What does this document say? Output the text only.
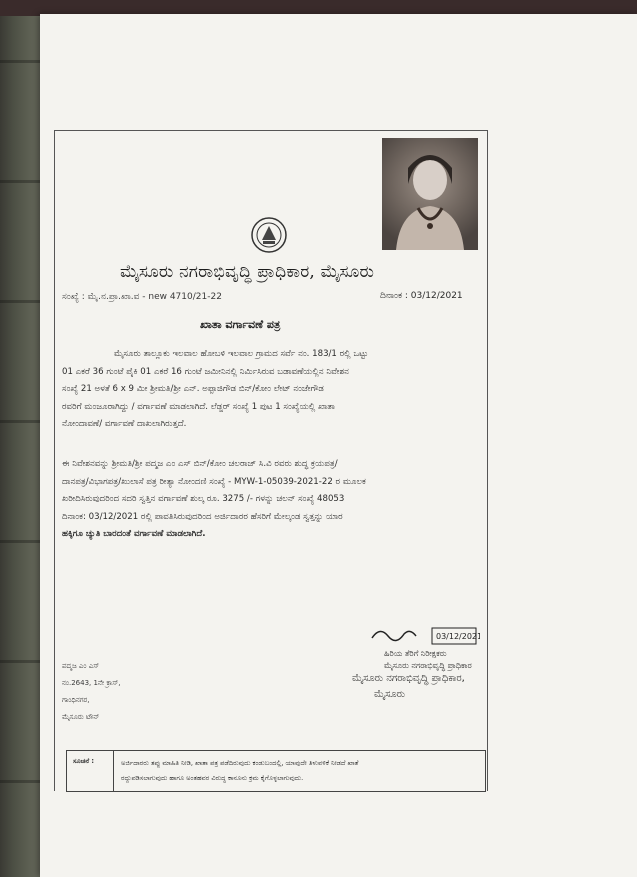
ಮೈಸೂರು ನಗರಾಭಿವೃದ್ಧಿ ಪ್ರಾಧಿಕಾರ, ಮೈಸೂರು
ಸಂಖ್ಯೆ : ಮೈ.ನ.ಪ್ರಾ.ಖಾ.ವ - new 4710/21-22	ದಿನಾಂಕ : 03/12/2021
ಖಾತಾ ವರ್ಗಾವಣೆ ಪತ್ರ
ಮೈಸೂರು ತಾಲ್ಲೂಕು ಇಲವಾಲ ಹೋಬಳಿ ಇಲವಾಲ ಗ್ರಾಮದ ಸರ್ವೆ ನಂ. 183/1 ರಲ್ಲಿ ಒಟ್ಟು
01 ಎಕರೆ 36 ಗುಂಟೆ ಪೈಕಿ 01 ಎಕರೆ 16 ಗುಂಟೆ ಜಮೀನಿನಲ್ಲಿ ನಿರ್ಮಿಸಿರುವ ಬಡಾವಣೆಯಲ್ಲಿನ ನಿವೇಶನ
ಸಂಖ್ಯೆ 21 ಅಳತೆ 6 x 9 ಮೀ ಶ್ರೀಮತಿ/ಶ್ರೀ ಎನ್. ಅಪ್ಪಾಜಿಗೌಡ ಬಿನ್/ಕೋಂ ಲೇಟ್ ನಂಜೇಗೌಡ
ರವರಿಗೆ ಮಂಜೂರಾಗಿದ್ದು / ವರ್ಗಾವಣೆ ಮಾಡಲಾಗಿದೆ. ಲೆಡ್ಜರ್ ಸಂಖ್ಯೆ 1 ಪುಟ 1 ಸಂಖ್ಯೆಯಲ್ಲಿ ಖಾತಾ
ನೋಂದಾವಣೆ/ ವರ್ಗಾವಣೆ ದಾಖಲಾಗಿರುತ್ತದೆ.
ಈ ನಿವೇಶನವನ್ನು ಶ್ರೀಮತಿ/ಶ್ರೀ ಪದ್ಮಜ ಎಂ ಎಸ್ ಬಿನ್/ಕೋಂ ಚಲರಾಜ್ ಸಿ.ವಿ ರವರು ಶುದ್ಧ ಕ್ರಯಪತ್ರ/
ದಾನಪತ್ರ/ವಿಭಾಗಪತ್ರ/ಖುಲಾಸೆ ಪತ್ರ ರೀತ್ಯಾ ನೋಂದಣಿ ಸಂಖ್ಯೆ - MYW-1-05039-2021-22 ರ ಮೂಲಕ
ಖರೀದಿಸಿರುವುದರಿಂದ ಸದರಿ ಸ್ವತ್ತಿನ ವರ್ಗಾವಣೆ ಶುಲ್ಕ ರೂ. 3275 /- ಗಳನ್ನು ಚಲನ್ ಸಂಖ್ಯೆ 48053
ದಿನಾಂಕ: 03/12/2021 ರಲ್ಲಿ ಪಾವತಿಸಿರುವುದರಿಂದ ಅರ್ಜಿದಾರರ ಹೆಸರಿಗೆ ಮೇಲ್ಕಂಡ ಸ್ವತ್ತನ್ನು ಯಾರ
ಹಕ್ಕಿಗೂ ಚ್ಯುತಿ ಬಾರದಂತೆ ವರ್ಗಾವಣೆ ಮಾಡಲಾಗಿದೆ.
03/12/2021
ಹಿರಿಯ ತೆರಿಗೆ ನಿರೀಕ್ಷಕರು
ಮೈಸೂರು ನಗರಾಭಿವೃದ್ಧಿ ಪ್ರಾಧಿಕಾರ
ಮೈಸೂರು ನಗರಾಭಿವೃದ್ಧಿ ಪ್ರಾಧಿಕಾರ,
ಮೈಸೂರು
ಪದ್ಮಜ ಎಂ ಎಸ್
ನಂ.2643, 1ನೇ ಕ್ರಾಸ್,
ಗಾಂಧಿನಗರ,
ಮೈಸೂರು ಟೌನ್
ಸೂಚನೆ :	ಅರ್ಜಿದಾರರು ತಪ್ಪು ಮಾಹಿತಿ ನೀಡಿ, ಖಾತಾ ಪತ್ರ ಪಡೆದಿರುವುದು ಕಂಡುಬಂದಲ್ಲಿ, ಯಾವುದೇ ತಿಳುವಳಿಕೆ ನೀಡದೆ ಖಾತೆ
ರದ್ದುಪಡಿಸಲಾಗುವುದು ಹಾಗೂ ಅಂತಹವರ ವಿರುದ್ಧ ಕಾನೂನು ಕ್ರಮ ಕೈಗೊಳ್ಳಲಾಗುವುದು.
